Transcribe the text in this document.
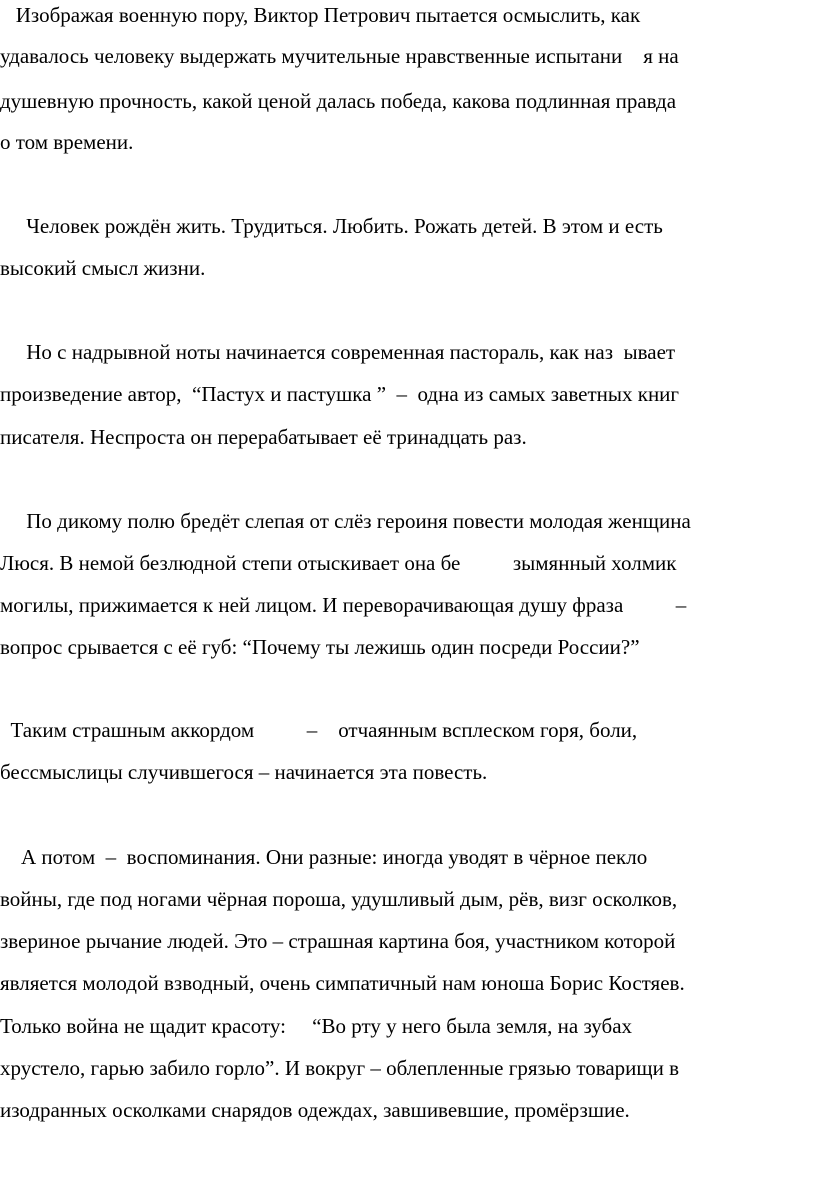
Изображая военную пору, Виктор Петрович пытается осмыслить, как

удавалось человеку выдержать мучительные нравственные испытани    я на

душевную прочность, какой ценой далась победа, какова подлинная правда

о том времени.

Человек рождён жить. Трудиться. Любить. Рожать детей. В этом и есть

высокий смысл жизни.

Но с надрывной ноты начинается современная пастораль, как наз  ывает

произведение автор,  “Пастух и пастушка ”  –  одна из самых заветных книг

писателя. Неспроста он перерабатывает её тринадцать раз.

По дикому полю бредёт слепая от слёз героиня повести молодая женщина

Люся. В немой безлюдной степи отыскивает она бе          зымянный холмик

могилы, прижимается к ней лицом. И переворачивающая душу фраза          –

вопрос срывается с её губ: “Почему ты лежишь один посреди России?”

Таким страшным аккордом          –    отчаянным всплеском горя, боли,

бессмыслицы случившегося – начинается эта повесть.

А потом  –  воспоминания. Они разные: иногда уводят в чёрное пекло

войны, где под ногами чёрная пороша, удушливый дым, рёв, визг осколков,

звериное рычание людей. Это – страшная картина боя, участником которой

является молодой взводный, очень симпатичный нам юноша Борис Костяев.

Только война не щадит красоту:     “Во рту у него была земля, на зубах

хрустело, гарью забило горло”. И вокруг – облепленные грязью товарищи в

изодранных осколками снарядов одеждах, завшивевшие, промёрзшие.
